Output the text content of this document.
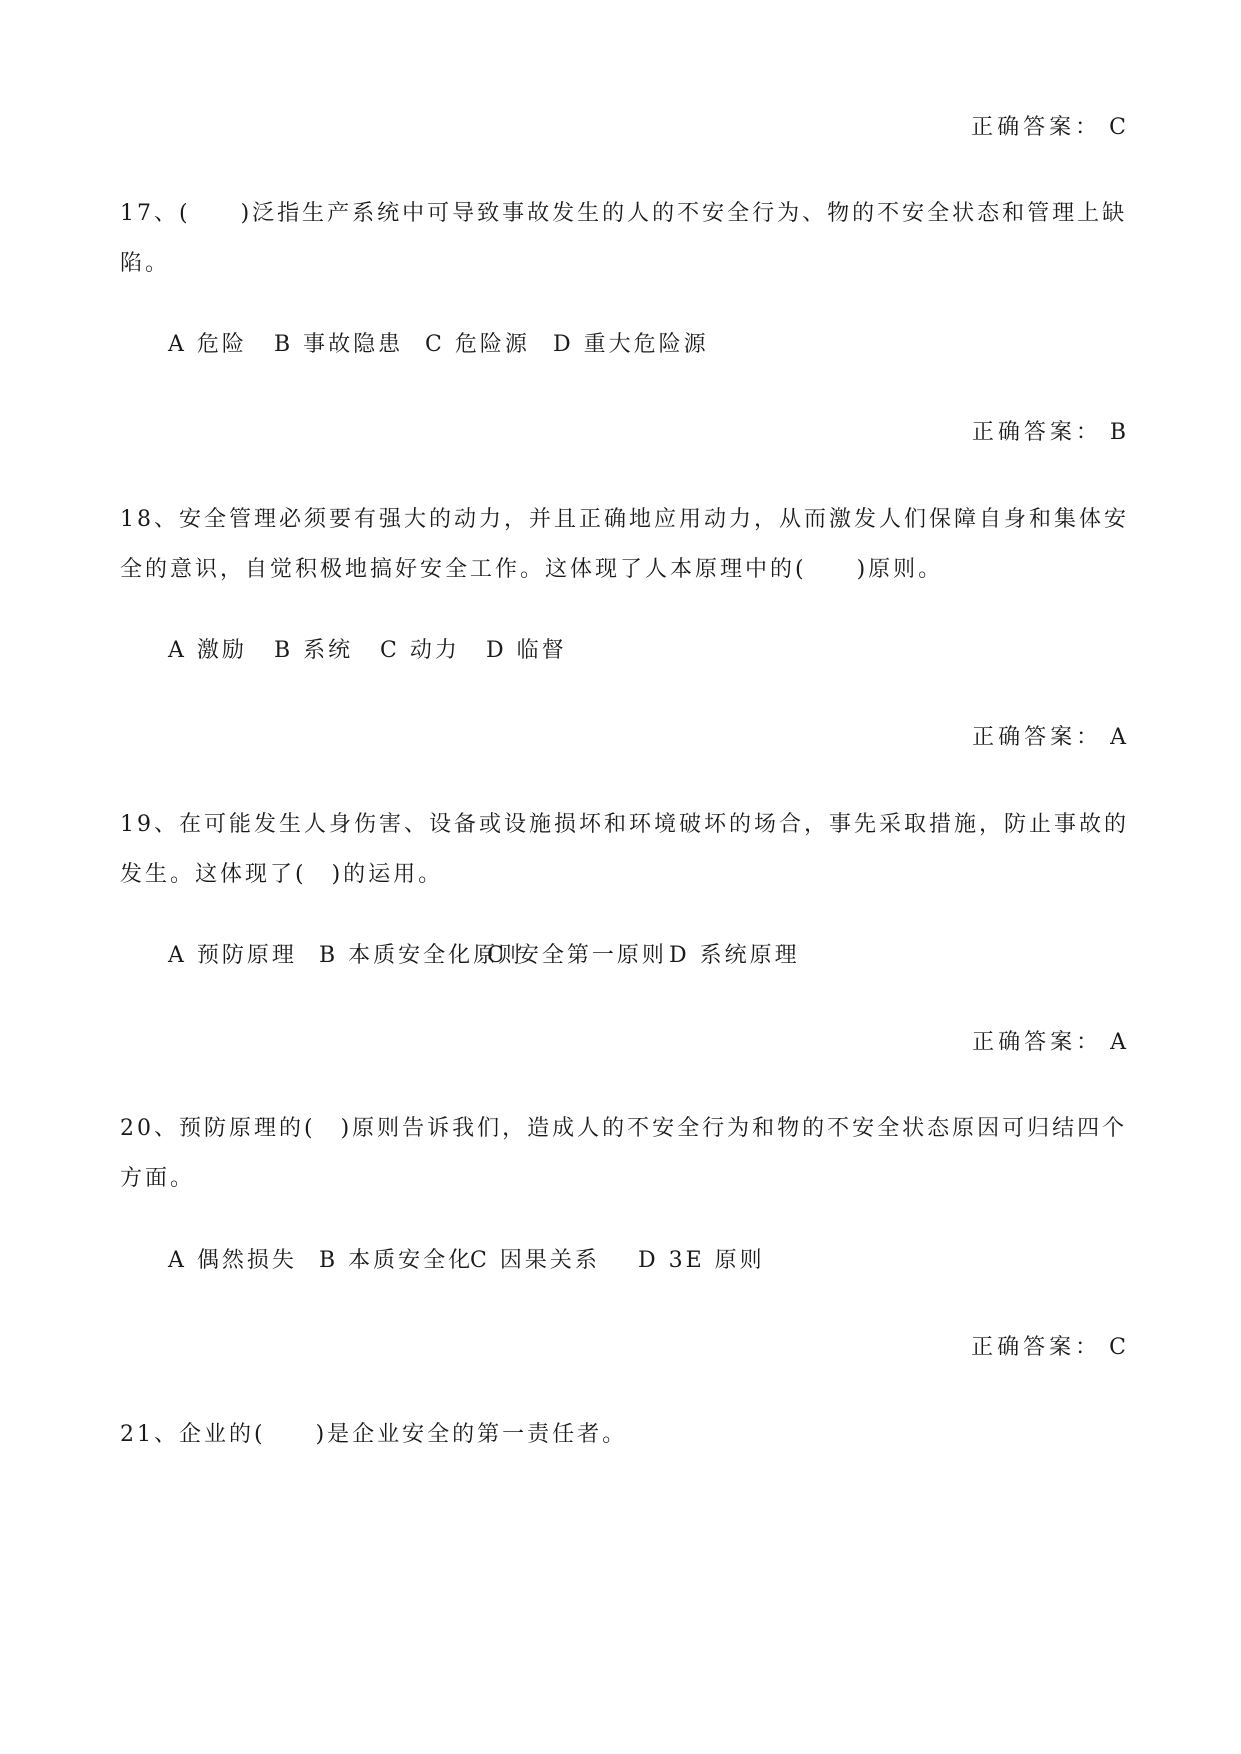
正确答案： C
17、(　　)泛指生产系统中可导致事故发生的人的不安全行为、物的不安全状态和管理上缺
陷。
A 危险 B 事故隐患 C 危险源 D 重大危险源
正确答案： B
18、安全管理必须要有强大的动力，并且正确地应用动力，从而激发人们保障自身和集体安
全的意识，自觉积极地搞好安全工作。这体现了人本原理中的(　　)原则。
A 激励 B 系统 C 动力 D 临督
正确答案： A
19、在可能发生人身伤害、设备或设施损坏和环境破坏的场合，事先采取措施，防止事故的
发生。这体现了(　)的运用。
A 预防原理 B 本质安全化原则C 安全第一原则D 系统原理
正确答案： A
20、预防原理的(　)原则告诉我们，造成人的不安全行为和物的不安全状态原因可归结四个
方面。
A 偶然损失 B 本质安全化C 因果关系 D 3E 原则
正确答案： C
21、企业的(　　)是企业安全的第一责任者。
